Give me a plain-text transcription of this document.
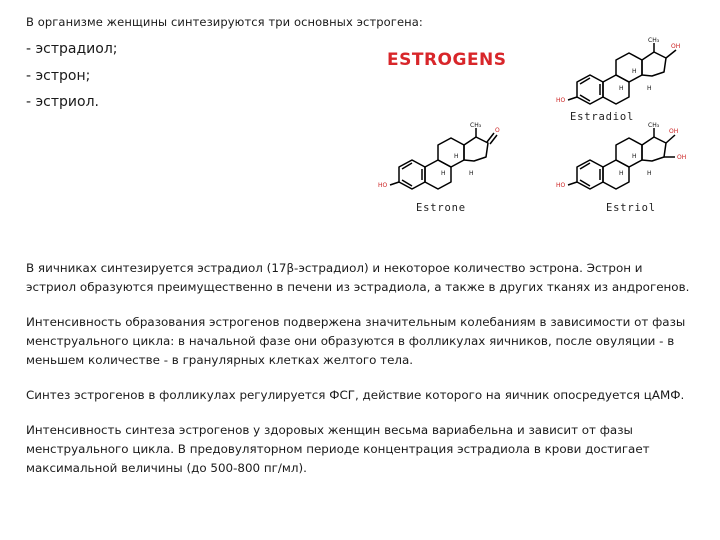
В организме женщины синтезируются три основных эстрогена:
- эстрадиол;
- эстрон;
- эстриол.
ESTROGENS
HO
CH₃
OH
H
H	H
Estradiol
HO
CH₃
O
H
H	H
Estrone
HO
CH₃
OH
OH
H
H	H
Estriol

В яичниках синтезируется эстрадиол (17β-эстрадиол) и некоторое количество эстрона. Эстрон и эстриол образуются преимущественно в печени из эстрадиола, а также в других тканях из андрогенов.

Интенсивность образования эстрогенов подвержена значительным колебаниям в зависимости от фазы менструального цикла: в начальной фазе они образуются в фолликулах яичников, после овуляции - в меньшем количестве - в гранулярных клетках желтого тела.

Синтез эстрогенов в фолликулах регулируется ФСГ, действие которого на яичник опосредуется цАМФ.

Интенсивность синтеза эстрогенов у здоровых женщин весьма вариабельна и зависит от фазы менструального цикла. В предовуляторном периоде концентрация эстрадиола в крови достигает максимальной величины (до 500-800 пг/мл).
